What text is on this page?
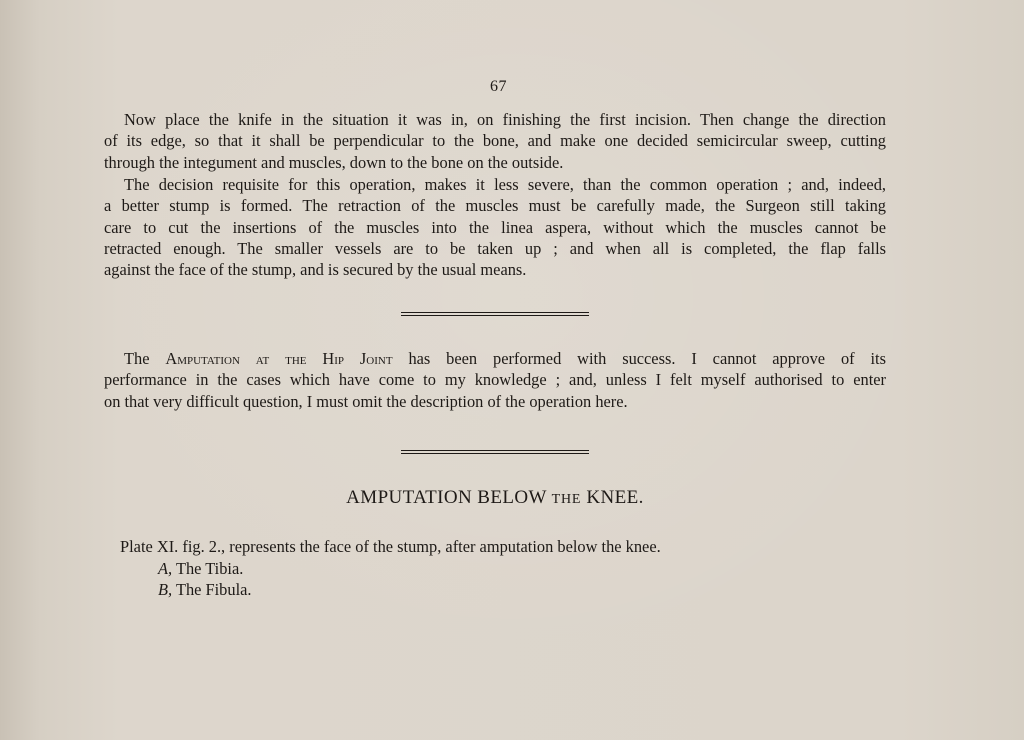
67
Now place the knife in the situation it was in, on finishing the first incision. Then change the direction
of its edge, so that it shall be perpendicular to the bone, and make one decided semicircular sweep, cutting
through the integument and muscles, down to the bone on the outside.
The decision requisite for this operation, makes it less severe, than the common operation ; and, indeed,
a better stump is formed. The retraction of the muscles must be carefully made, the Surgeon still taking
care to cut the insertions of the muscles into the linea aspera, without which the muscles cannot be
retracted enough. The smaller vessels are to be taken up ; and when all is completed, the flap falls
against the face of the stump, and is secured by the usual means.
The Amputation at the Hip Joint has been performed with success. I cannot approve of its
performance in the cases which have come to my knowledge ; and, unless I felt myself authorised to enter
on that very difficult question, I must omit the description of the operation here.
AMPUTATION BELOW THE KNEE.
Plate XI. fig. 2., represents the face of the stump, after amputation below the knee.
A, The Tibia.
B, The Fibula.
